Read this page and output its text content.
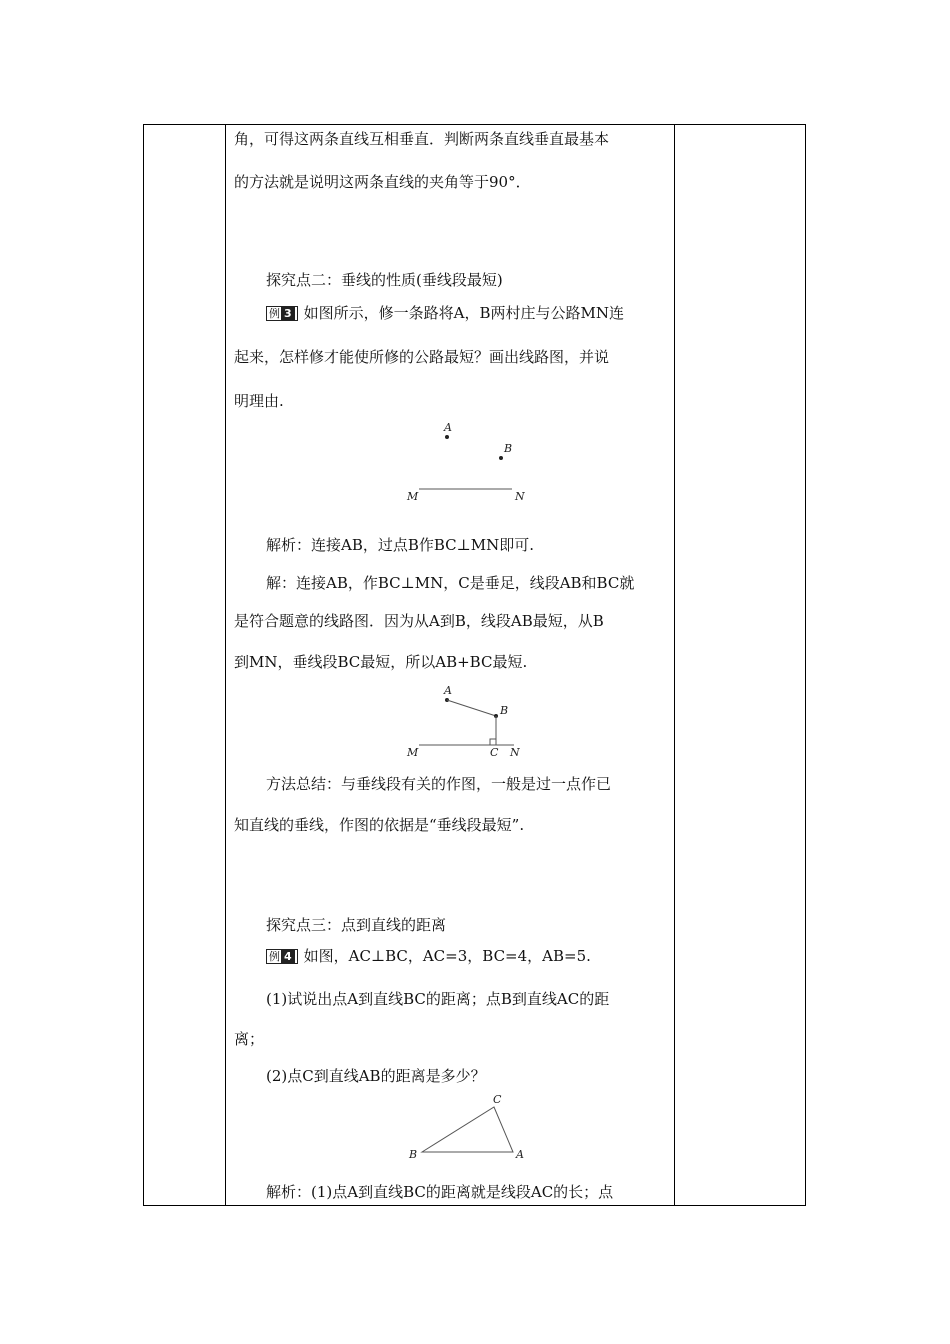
角，可得这两条直线互相垂直．判断两条直线垂直最基本
的方法就是说明这两条直线的夹角等于90°．
探究点二：垂线的性质(垂线段最短)
例 3 如图所示，修一条路将A，B两村庄与公路MN连
起来，怎样修才能使所修的公路最短？画出线路图，并说
明理由.
A
B
M	N
解析：连接AB，过点B作BC⊥MN即可.
解：连接AB，作BC⊥MN，C是垂足，线段AB和BC就
是符合题意的线路图．因为从A到B，线段AB最短，从B
到MN，垂线段BC最短，所以AB+BC最短.
A
B
M	C N
方法总结：与垂线段有关的作图，一般是过一点作已
知直线的垂线，作图的依据是“垂线段最短”.
探究点三：点到直线的距离
例 4 如图，AC⊥BC，AC=3，BC=4，AB=5.
(1)试说出点A到直线BC的距离；点B到直线AC的距
离；
(2)点C到直线AB的距离是多少？
C
B	A
解析：(1)点A到直线BC的距离就是线段AC的长；点
